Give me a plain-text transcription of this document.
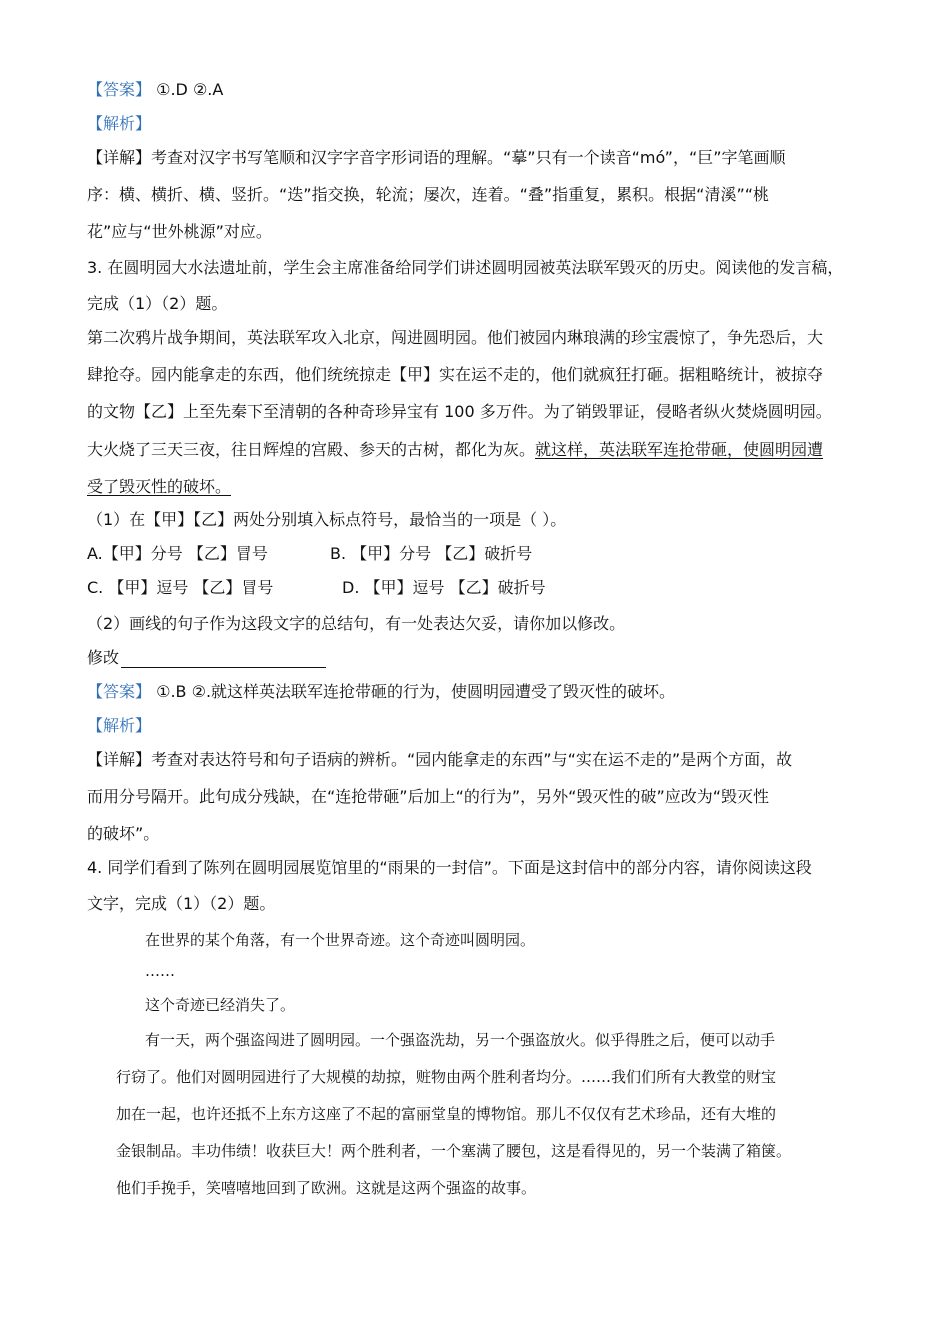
【答案】 ①.D ②.A
【解析】
【详解】考查对汉字书写笔顺和汉字字音字形词语的理解。“摹”只有一个读音“mó”，“巨”字笔画顺
序：横、横折、横、竖折。“迭”指交换，轮流；屡次，连着。“叠”指重复，累积。根据“清溪”“桃
花”应与“世外桃源”对应。
3. 在圆明园大水法遗址前，学生会主席准备给同学们讲述圆明园被英法联军毁灭的历史。阅读他的发言稿，
完成（1）（2）题。
第二次鸦片战争期间，英法联军攻入北京，闯进圆明园。他们被园内琳琅满的珍宝震惊了，争先恐后，大
肆抢夺。园内能拿走的东西，他们统统掠走【甲】实在运不走的，他们就疯狂打砸。据粗略统计，被掠夺
的文物【乙】上至先秦下至清朝的各种奇珍异宝有 100 多万件。为了销毁罪证，侵略者纵火焚烧圆明园。
大火烧了三天三夜，往日辉煌的宫殿、参天的古树，都化为灰。就这样，英法联军连抢带砸，使圆明园遭
受了毁灭性的破坏。
（1）在【甲】【乙】两处分别填入标点符号，最恰当的一项是（ ）。
A.【甲】分号 【乙】冒号	B. 【甲】分号 【乙】破折号
C. 【甲】逗号 【乙】冒号	D. 【甲】逗号 【乙】破折号
（2）画线的句子作为这段文字的总结句，有一处表达欠妥，请你加以修改。
修改
【答案】 ①.B ②.就这样英法联军连抢带砸的行为，使圆明园遭受了毁灭性的破坏。
【解析】
【详解】考查对表达符号和句子语病的辨析。“园内能拿走的东西”与“实在运不走的”是两个方面，故
而用分号隔开。此句成分残缺，在“连抢带砸”后加上“的行为”，另外“毁灭性的破”应改为“毁灭性
的破坏”。
4. 同学们看到了陈列在圆明园展览馆里的“雨果的一封信”。下面是这封信中的部分内容，请你阅读这段
文字，完成（1）（2）题。
在世界的某个角落，有一个世界奇迹。这个奇迹叫圆明园。
……
这个奇迹已经消失了。
有一天，两个强盗闯进了圆明园。一个强盗洗劫，另一个强盗放火。似乎得胜之后，便可以动手
行窃了。他们对圆明园进行了大规模的劫掠，赃物由两个胜利者均分。……我们们所有大教堂的财宝
加在一起，也许还抵不上东方这座了不起的富丽堂皇的博物馆。那儿不仅仅有艺术珍品，还有大堆的
金银制品。丰功伟绩！收获巨大！两个胜利者，一个塞满了腰包，这是看得见的，另一个装满了箱箧。
他们手挽手，笑嘻嘻地回到了欧洲。这就是这两个强盗的故事。
